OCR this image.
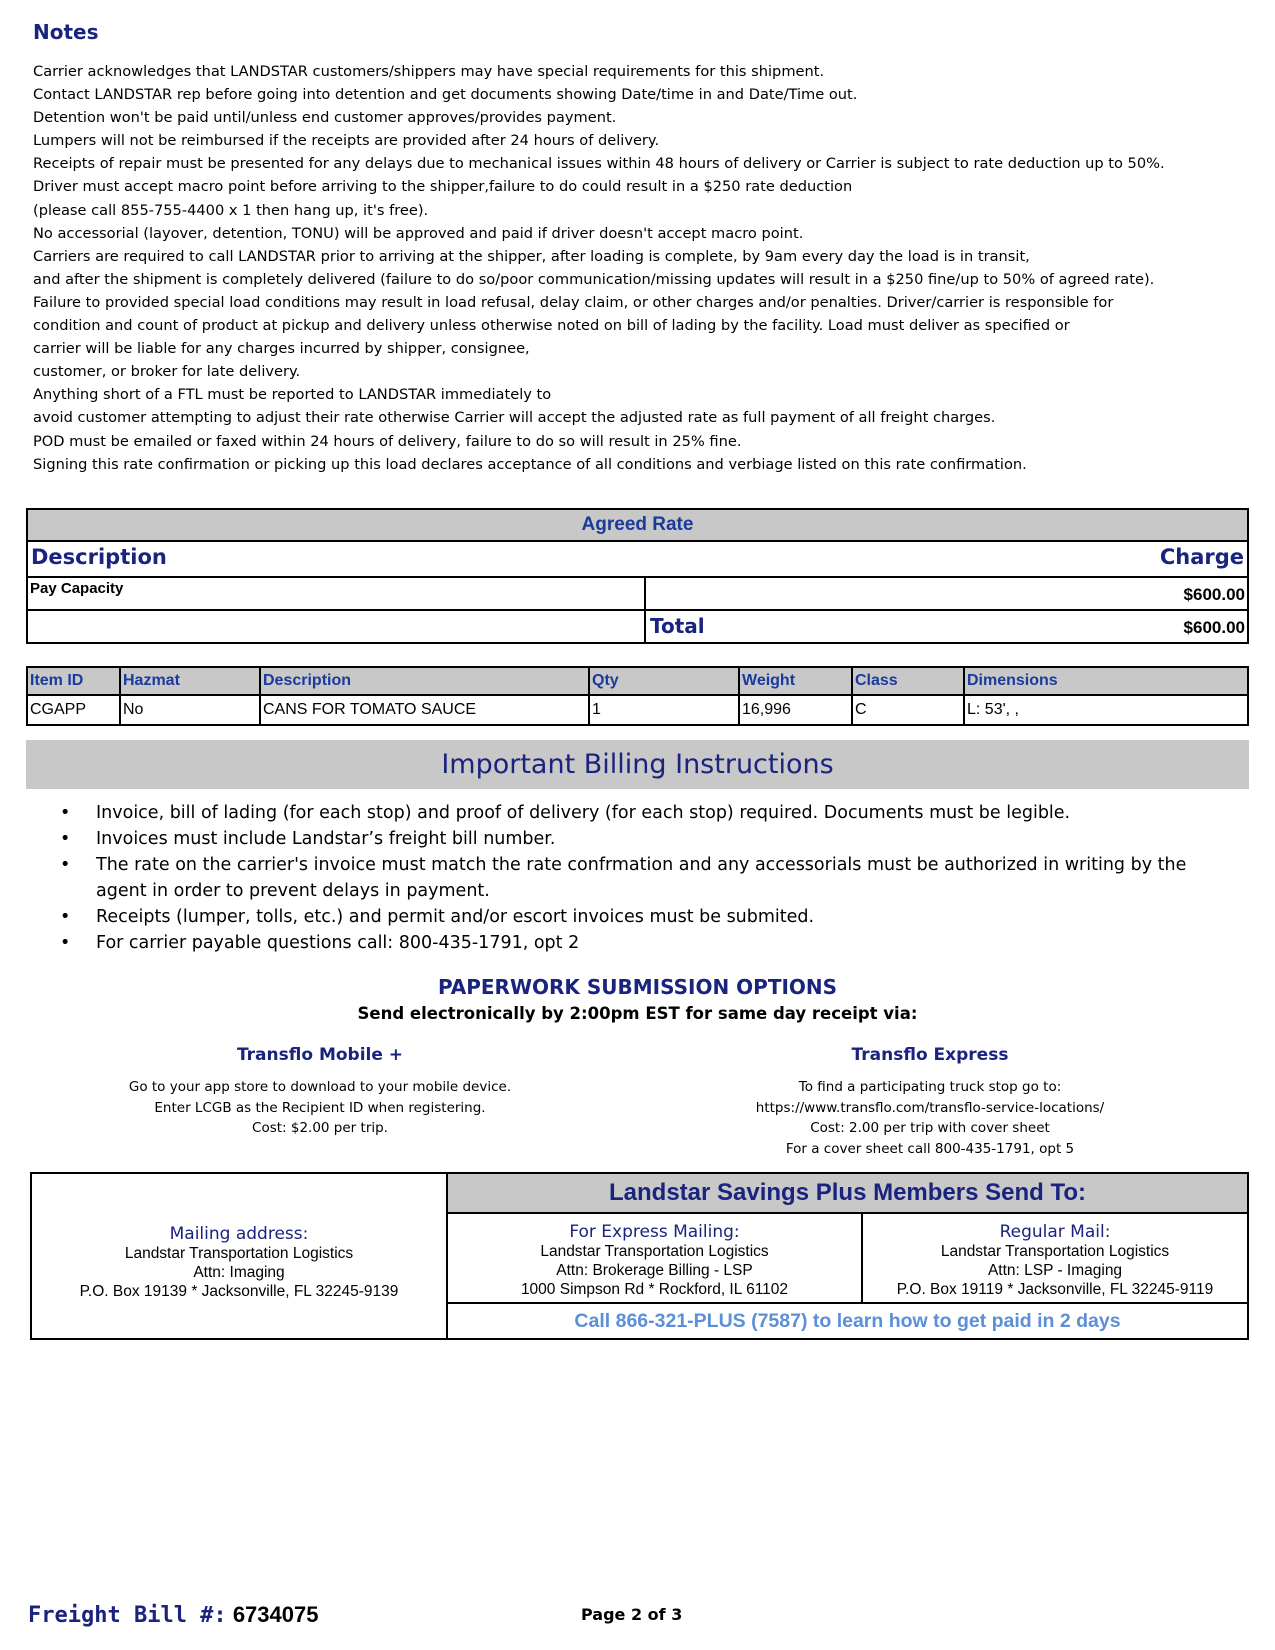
Notes
Carrier acknowledges that LANDSTAR customers/shippers may have special requirements for this shipment.
Contact LANDSTAR rep before going into detention and get documents showing Date/time in and Date/Time out.
Detention won't be paid until/unless end customer approves/provides payment.
Lumpers will not be reimbursed if the receipts are provided after 24 hours of delivery.
Receipts of repair must be presented for any delays due to mechanical issues within 48 hours of delivery or Carrier is subject to rate deduction up to 50%.
Driver must accept macro point before arriving to the shipper,failure to do could result in a $250 rate deduction
(please call 855-755-4400 x 1 then hang up, it's free).
No accessorial (layover, detention, TONU) will be approved and paid if driver doesn't accept macro point.
Carriers are required to call LANDSTAR prior to arriving at the shipper, after loading is complete, by 9am every day the load is in transit,
and after the shipment is completely delivered (failure to do so/poor communication/missing updates will result in a $250 fine/up to 50% of agreed rate).
Failure to provided special load conditions may result in load refusal, delay claim, or other charges and/or penalties. Driver/carrier is responsible for
condition and count of product at pickup and delivery unless otherwise noted on bill of lading by the facility. Load must deliver as specified or
carrier will be liable for any charges incurred by shipper, consignee,
customer, or broker for late delivery.
Anything short of a FTL must be reported to LANDSTAR immediately to
avoid customer attempting to adjust their rate otherwise Carrier will accept the adjusted rate as full payment of all freight charges.
POD must be emailed or faxed within 24 hours of delivery, failure to do so will result in 25% fine.
Signing this rate confirmation or picking up this load declares acceptance of all conditions and verbiage listed on this rate confirmation.
Agreed Rate
Description	Charge
Pay Capacity	$600.00
Total	$600.00
Item ID	Hazmat	Description	Qty	Weight	Class	Dimensions
CGAPP	No	CANS FOR TOMATO SAUCE	1	16,996	C	L: 53', ,
Important Billing Instructions
• Invoice, bill of lading (for each stop) and proof of delivery (for each stop) required. Documents must be legible.
• Invoices must include Landstar’s freight bill number.
• The rate on the carrier's invoice must match the rate confrmation and any accessorials must be authorized in writing by the agent in order to prevent delays in payment.
• Receipts (lumper, tolls, etc.) and permit and/or escort invoices must be submited.
• For carrier payable questions call: 800-435-1791, opt 2
PAPERWORK SUBMISSION OPTIONS
Send electronically by 2:00pm EST for same day receipt via:
Transflo Mobile +
Go to your app store to download to your mobile device.
Enter LCGB as the Recipient ID when registering.
Cost: $2.00 per trip.
Transflo Express
To find a participating truck stop go to:
https://www.transflo.com/transflo-service-locations/
Cost: 2.00 per trip with cover sheet
For a cover sheet call 800-435-1791, opt 5
Mailing address:
Landstar Transportation Logistics
Attn: Imaging
P.O. Box 19139 * Jacksonville, FL 32245-9139
Landstar Savings Plus Members Send To:
For Express Mailing:
Landstar Transportation Logistics
Attn: Brokerage Billing - LSP
1000 Simpson Rd * Rockford, IL 61102
Regular Mail:
Landstar Transportation Logistics
Attn: LSP - Imaging
P.O. Box 19119 * Jacksonville, FL 32245-9119
Call 866-321-PLUS (7587) to learn how to get paid in 2 days
Freight Bill #: 6734075	Page 2 of 3
